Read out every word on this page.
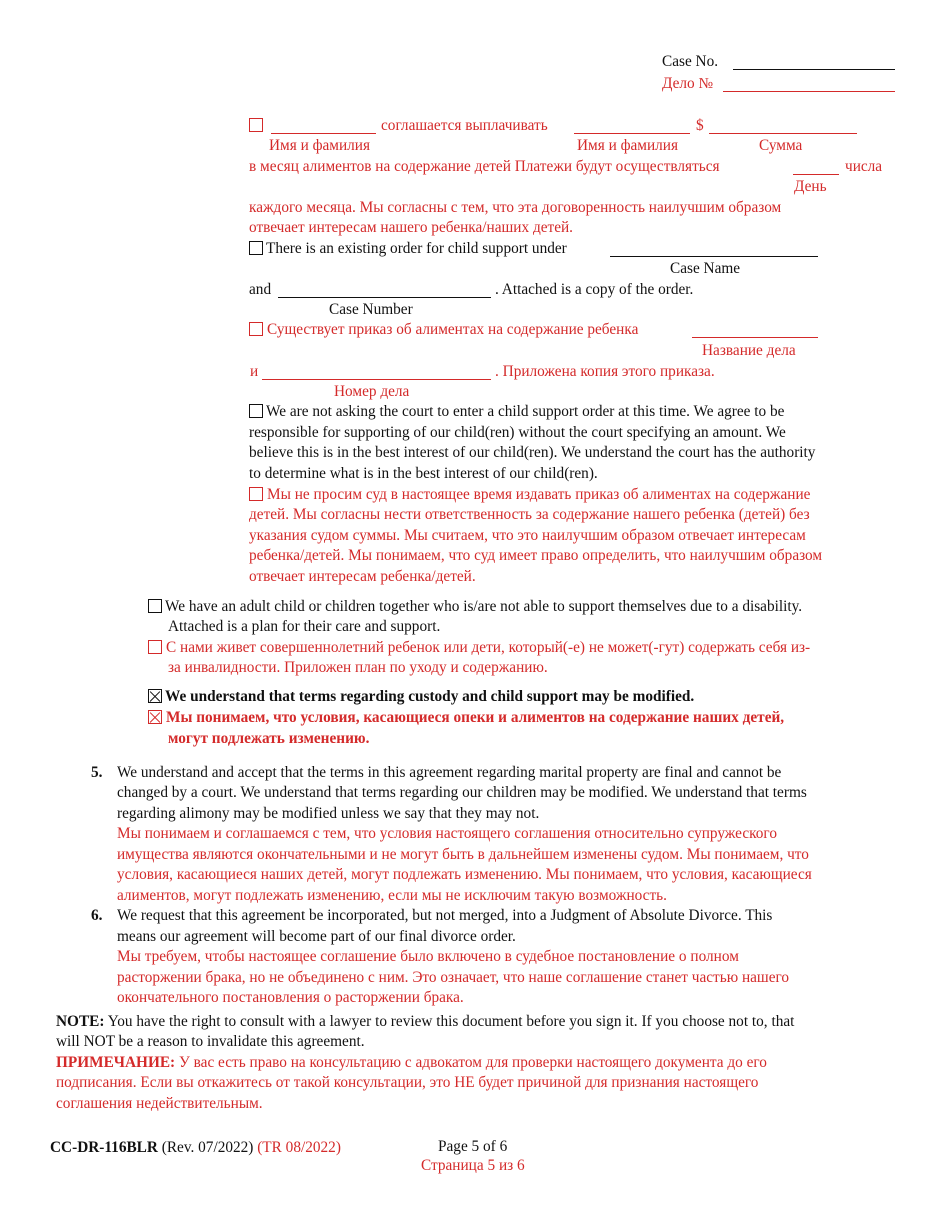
Case No.
Дело №
соглашается выплачивать	$
Имя и фамилия	Имя и фамилия	Сумма
в месяц алиментов на содержание детей Платежи будут осуществляться	числа
День
каждого месяца. Мы согласны с тем, что эта договоренность наилучшим образом
отвечает интересам нашего ребенка/наших детей.
There is an existing order for child support under
Case Name
and	. Attached is a copy of the order.
Case Number
Существует приказ об алиментах на содержание ребенка
Название дела
и	. Приложена копия этого приказа.
Номер дела
We are not asking the court to enter a child support order at this time. We agree to be
responsible for supporting of our child(ren) without the court specifying an amount. We
believe this is in the best interest of our child(ren). We understand the court has the authority
to determine what is in the best interest of our child(ren).
Мы не просим суд в настоящее время издавать приказ об алиментах на содержание
детей. Мы согласны нести ответственность за содержание нашего ребенка (детей) без
указания судом суммы. Мы считаем, что это наилучшим образом отвечает интересам
ребенка/детей. Мы понимаем, что суд имеет право определить, что наилучшим образом
отвечает интересам ребенка/детей.
We have an adult child or children together who is/are not able to support themselves due to a disability.
Attached is a plan for their care and support.
С нами живет совершеннолетний ребенок или дети, который(-е) не может(-гут) содержать себя из-
за инвалидности. Приложен план по уходу и содержанию.
We understand that terms regarding custody and child support may be modified.
Мы понимаем, что условия, касающиеся опеки и алиментов на содержание наших детей,
могут подлежать изменению.
5. We understand and accept that the terms in this agreement regarding marital property are final and cannot be
changed by a court. We understand that terms regarding our children may be modified. We understand that terms
regarding alimony may be modified unless we say that they may not.
Мы понимаем и соглашаемся с тем, что условия настоящего соглашения относительно супружеского
имущества являются окончательными и не могут быть в дальнейшем изменены судом. Мы понимаем, что
условия, касающиеся наших детей, могут подлежать изменению. Мы понимаем, что условия, касающиеся
алиментов, могут подлежать изменению, если мы не исключим такую возможность.
6. We request that this agreement be incorporated, but not merged, into a Judgment of Absolute Divorce. This
means our agreement will become part of our final divorce order.
Мы требуем, чтобы настоящее соглашение было включено в судебное постановление о полном
расторжении брака, но не объединено с ним. Это означает, что наше соглашение станет частью нашего
окончательного постановления о расторжении брака.
NOTE: You have the right to consult with a lawyer to review this document before you sign it. If you choose not to, that
will NOT be a reason to invalidate this agreement.
ПРИМЕЧАНИЕ: У вас есть право на консультацию с адвокатом для проверки настоящего документа до его
подписания. Если вы откажитесь от такой консультации, это НЕ будет причиной для признания настоящего
соглашения недействительным.
CC-DR-116BLR (Rev. 07/2022) (TR 08/2022)	Page 5 of 6
Страница 5 из 6
